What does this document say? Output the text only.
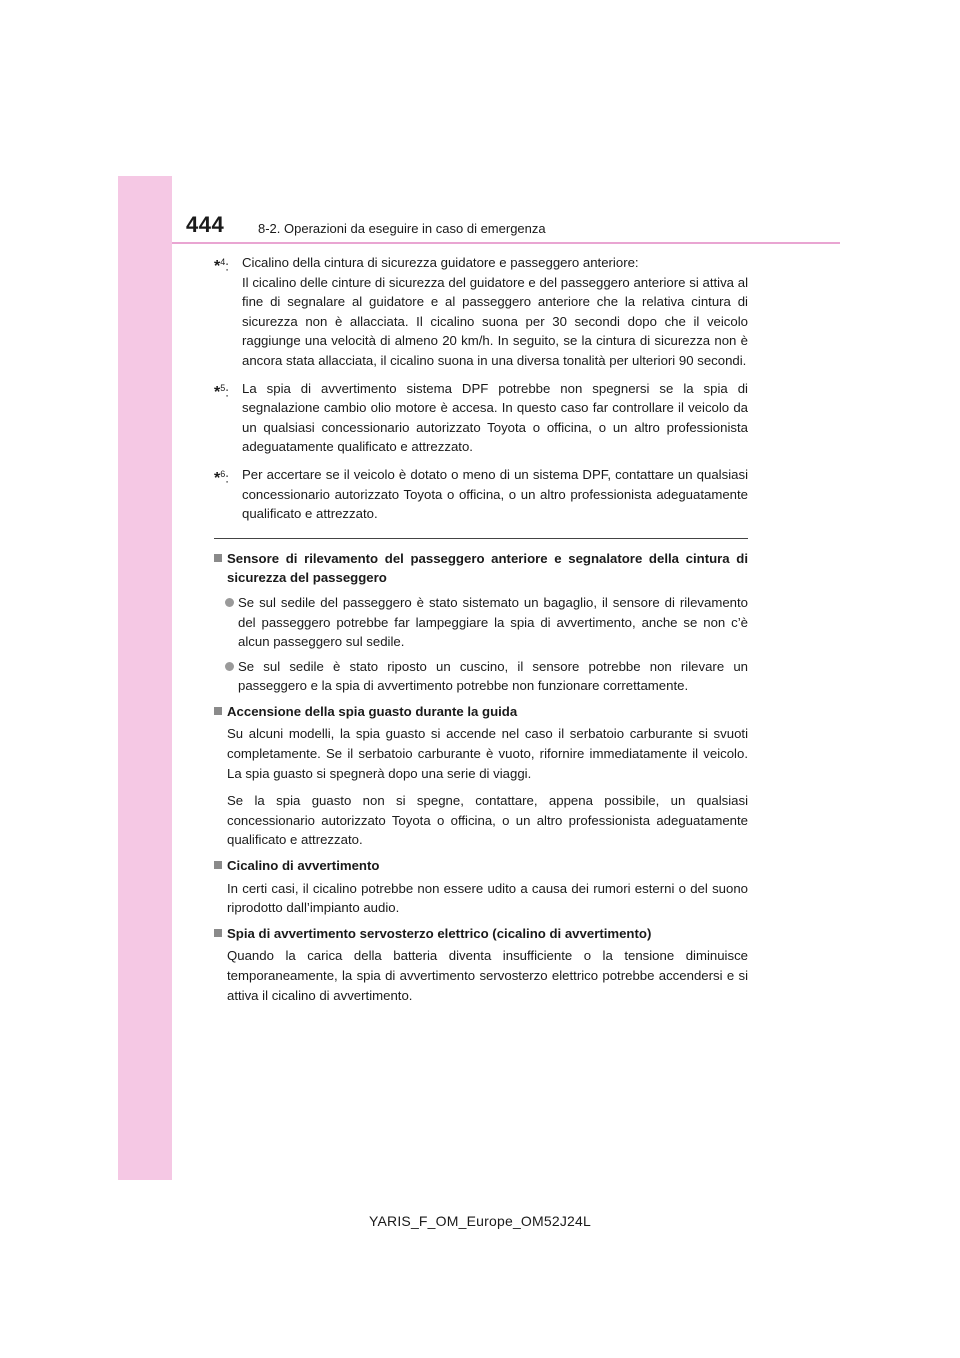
444	8-2. Operazioni da eseguire in caso di emergenza
*$^4$: Cicalino della cintura di sicurezza guidatore e passeggero anteriore:

Il cicalino delle cinture di sicurezza del guidatore e del passeggero anteriore si attiva al fine di segnalare al guidatore e al passeggero anteriore che la relativa cintura di sicurezza non è allacciata. Il cicalino suona per 30 secondi dopo che il veicolo raggiunge una velocità di almeno 20 km/h. In seguito, se la cintura di sicurezza non è ancora stata allacciata, il cicalino suona in una diversa tonalità per ulteriori 90 secondi.

*$^5$: La spia di avvertimento sistema DPF potrebbe non spegnersi se la spia di segnalazione cambio olio motore è accesa. In questo caso far controllare il veicolo da un qualsiasi concessionario autorizzato Toyota o officina, o un altro professionista adeguatamente qualificato e attrezzato.

*$^6$: Per accertare se il veicolo è dotato o meno di un sistema DPF, contattare un qualsiasi concessionario autorizzato Toyota o officina, o un altro professionista adeguatamente qualificato e attrezzato.

Sensore di rilevamento del passeggero anteriore e segnalatore della cintura di sicurezza del passeggero
Se sul sedile del passeggero è stato sistemato un bagaglio, il sensore di rilevamento del passeggero potrebbe far lampeggiare la spia di avvertimento, anche se non c’è alcun passeggero sul sedile.
Se sul sedile è stato riposto un cuscino, il sensore potrebbe non rilevare un passeggero e la spia di avvertimento potrebbe non funzionare correttamente.
Accensione della spia guasto durante la guida
Su alcuni modelli, la spia guasto si accende nel caso il serbatoio carburante si svuoti completamente. Se il serbatoio carburante è vuoto, rifornire immediatamente il veicolo. La spia guasto si spegnerà dopo una serie di viaggi.
Se la spia guasto non si spegne, contattare, appena possibile, un qualsiasi concessionario autorizzato Toyota o officina, o un altro professionista adeguatamente qualificato e attrezzato.
Cicalino di avvertimento
In certi casi, il cicalino potrebbe non essere udito a causa dei rumori esterni o del suono riprodotto dall’impianto audio.
Spia di avvertimento servosterzo elettrico (cicalino di avvertimento)
Quando la carica della batteria diventa insufficiente o la tensione diminuisce temporaneamente, la spia di avvertimento servosterzo elettrico potrebbe accendersi e si attiva il cicalino di avvertimento.
YARIS_F_OM_Europe_OM52J24L
